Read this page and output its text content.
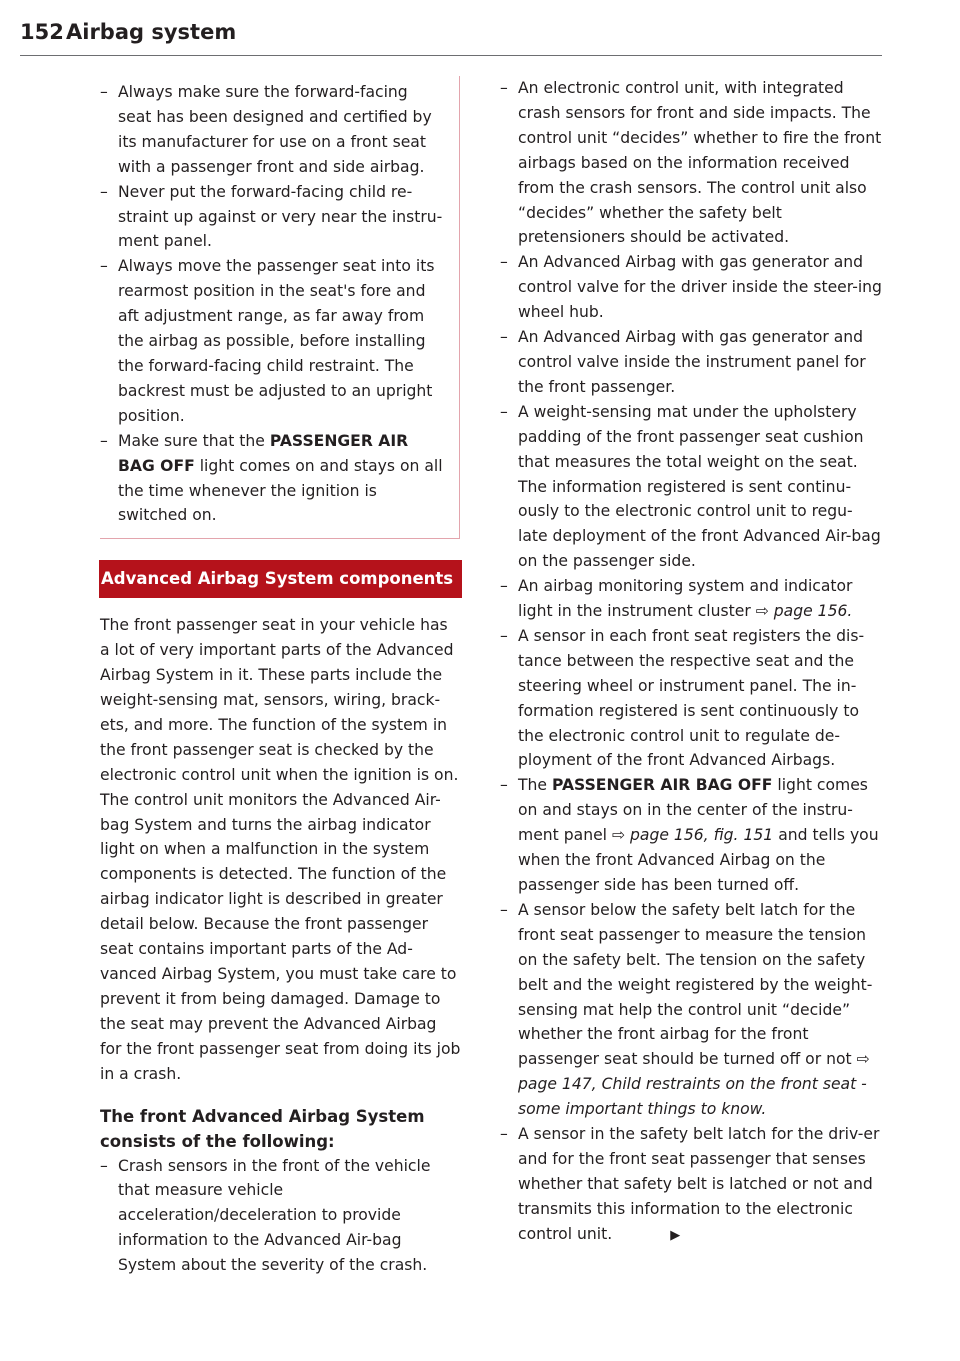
152 Airbag system
– Always make sure the forward-facing seat has been designed and certified by its manufacturer for use on a front seat with a passenger front and side airbag.
– Never put the forward-facing child re-straint up against or very near the instru-ment panel.
– Always move the passenger seat into its rearmost position in the seat's fore and aft adjustment range, as far away from the airbag as possible, before installing the forward-facing child restraint. The backrest must be adjusted to an upright position.
– Make sure that the PASSENGER AIR BAG OFF light comes on and stays on all the time whenever the ignition is switched on.
Advanced Airbag System components

The front passenger seat in your vehicle has a lot of very important parts of the Advanced Airbag System in it. These parts include the weight-sensing mat, sensors, wiring, brack-ets, and more. The function of the system in the front passenger seat is checked by the electronic control unit when the ignition is on. The control unit monitors the Advanced Air-bag System and turns the airbag indicator light on when a malfunction in the system components is detected. The function of the airbag indicator light is described in greater detail below. Because the front passenger seat contains important parts of the Ad-vanced Airbag System, you must take care to prevent it from being damaged. Damage to the seat may prevent the Advanced Airbag for the front passenger seat from doing its job in a crash.

The front Advanced Airbag System consists of the following:

– Crash sensors in the front of the vehicle that measure vehicle acceleration/deceleration to provide information to the Advanced Air-bag System about the severity of the crash.
– An electronic control unit, with integrated crash sensors for front and side impacts. The control unit “decides” whether to fire the front airbags based on the information received from the crash sensors. The control unit also “decides” whether the safety belt pretensioners should be activated.
– An Advanced Airbag with gas generator and control valve for the driver inside the steer-ing wheel hub.
– An Advanced Airbag with gas generator and control valve inside the instrument panel for the front passenger.
– A weight-sensing mat under the upholstery padding of the front passenger seat cushion that measures the total weight on the seat. The information registered is sent continu-ously to the electronic control unit to regu-late deployment of the front Advanced Air-bag on the passenger side.
– An airbag monitoring system and indicator light in the instrument cluster ⇨ page 156.
– A sensor in each front seat registers the dis-tance between the respective seat and the steering wheel or instrument panel. The in-formation registered is sent continuously to the electronic control unit to regulate de-ployment of the front Advanced Airbags.
– The PASSENGER AIR BAG OFF light comes on and stays on in the center of the instru-ment panel ⇨ page 156, fig. 151 and tells you when the front Advanced Airbag on the passenger side has been turned off.
– A sensor below the safety belt latch for the front seat passenger to measure the tension on the safety belt. The tension on the safety belt and the weight registered by the weight-sensing mat help the control unit “decide” whether the front airbag for the front passenger seat should be turned off or not ⇨ page 147, Child restraints on the front seat - some important things to know.
– A sensor in the safety belt latch for the driv-er and for the front seat passenger that senses whether that safety belt is latched or not and transmits this information to the electronic control unit.	▶
